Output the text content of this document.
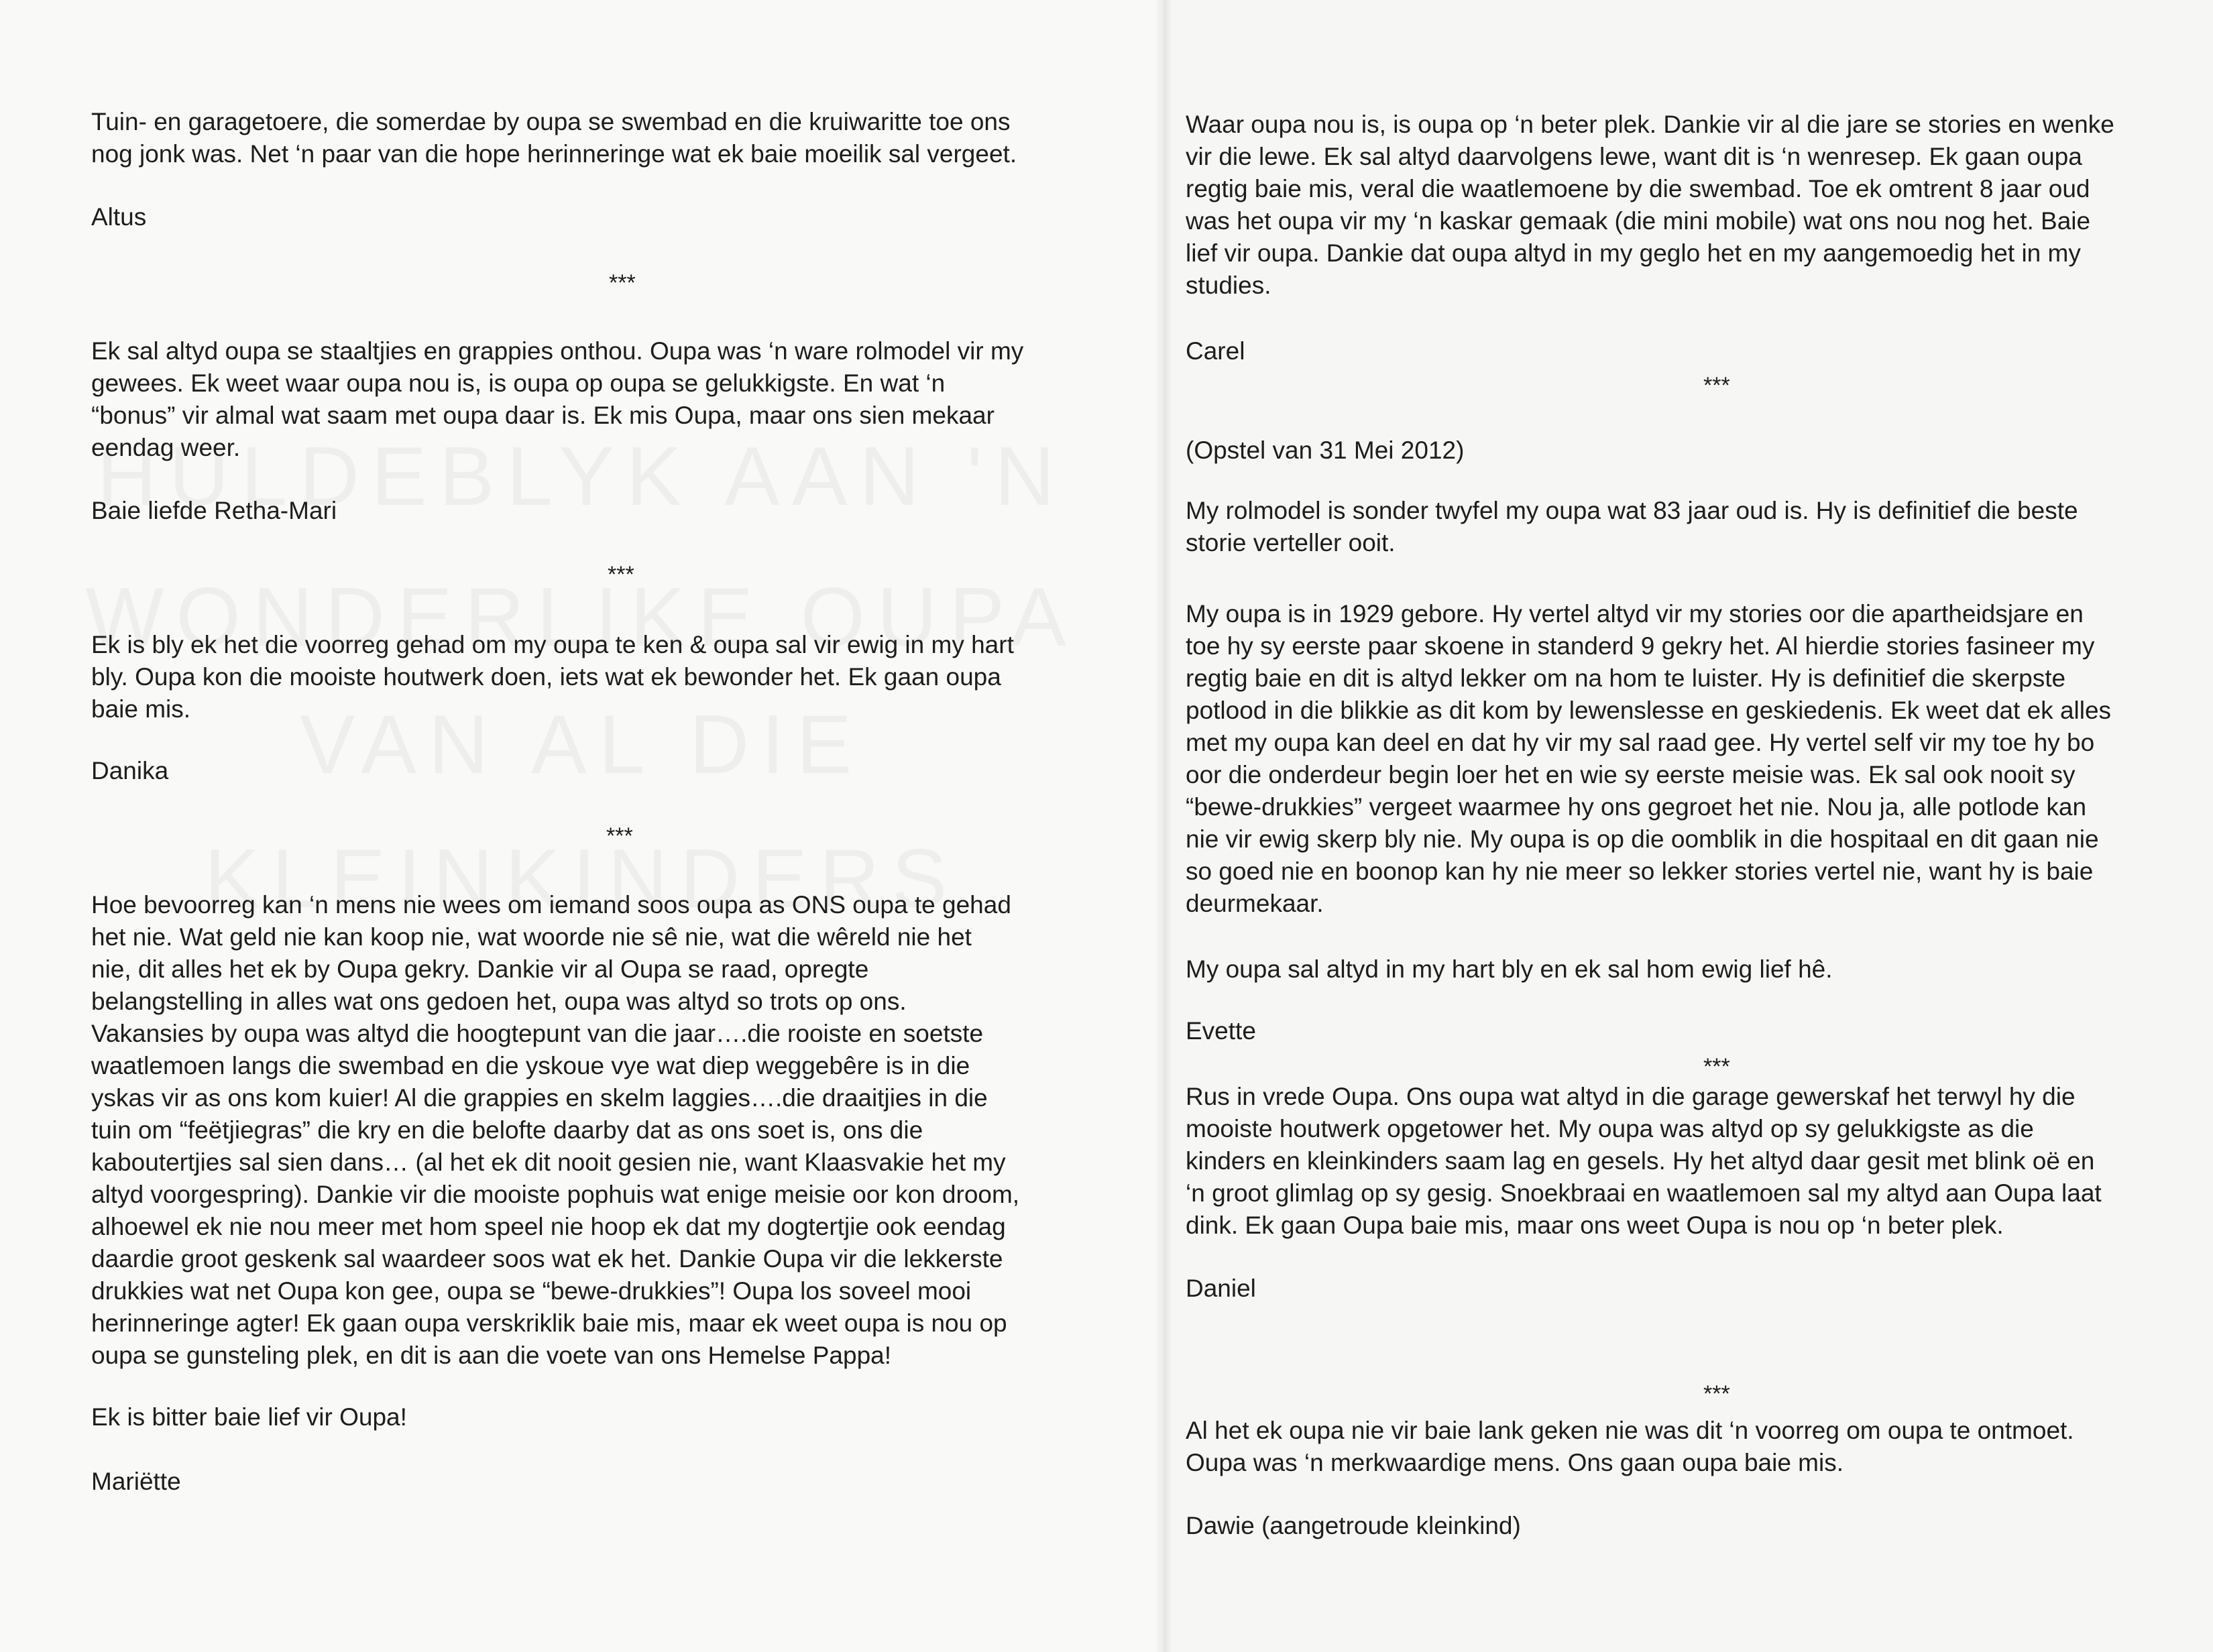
Tuin- en garagetoere, die somerdae by oupa se swembad en die kruiwaritte toe ons
nog jonk was. Net ‘n paar van die hope herinneringe wat ek baie moeilik sal vergeet.
Altus
***
Ek sal altyd oupa se staaltjies en grappies onthou. Oupa was ‘n ware rolmodel vir my
gewees. Ek weet waar oupa nou is, is oupa op oupa se gelukkigste. En wat ‘n
“bonus” vir almal wat saam met oupa daar is. Ek mis Oupa, maar ons sien mekaar
eendag weer.
Baie liefde Retha-Mari
***
Ek is bly ek het die voorreg gehad om my oupa te ken & oupa sal vir ewig in my hart
bly. Oupa kon die mooiste houtwerk doen, iets wat ek bewonder het. Ek gaan oupa
baie mis.
Danika
***
Hoe bevoorreg kan ‘n mens nie wees om iemand soos oupa as ONS oupa te gehad
het nie. Wat geld nie kan koop nie, wat woorde nie sê nie, wat die wêreld nie het
nie, dit alles het ek by Oupa gekry. Dankie vir al Oupa se raad, opregte
belangstelling in alles wat ons gedoen het, oupa was altyd so trots op ons.
Vakansies by oupa was altyd die hoogtepunt van die jaar….die rooiste en soetste
waatlemoen langs die swembad en die yskoue vye wat diep weggebêre is in die
yskas vir as ons kom kuier! Al die grappies en skelm laggies….die draaitjies in die
tuin om “feëtjiegras” die kry en die belofte daarby dat as ons soet is, ons die
kaboutertjies sal sien dans… (al het ek dit nooit gesien nie, want Klaasvakie het my
altyd voorgespring). Dankie vir die mooiste pophuis wat enige meisie oor kon droom,
alhoewel ek nie nou meer met hom speel nie hoop ek dat my dogtertjie ook eendag
daardie groot geskenk sal waardeer soos wat ek het. Dankie Oupa vir die lekkerste
drukkies wat net Oupa kon gee, oupa se “bewe-drukkies”! Oupa los soveel mooi
herinneringe agter! Ek gaan oupa verskriklik baie mis, maar ek weet oupa is nou op
oupa se gunsteling plek, en dit is aan die voete van ons Hemelse Pappa!
Ek is bitter baie lief vir Oupa!
Mariëtte
Waar oupa nou is, is oupa op ‘n beter plek. Dankie vir al die jare se stories en wenke
vir die lewe. Ek sal altyd daarvolgens lewe, want dit is ‘n wenresep. Ek gaan oupa
regtig baie mis, veral die waatlemoene by die swembad. Toe ek omtrent 8 jaar oud
was het oupa vir my ‘n kaskar gemaak (die mini mobile) wat ons nou nog het. Baie
lief vir oupa. Dankie dat oupa altyd in my geglo het en my aangemoedig het in my
studies.
Carel
***
(Opstel van 31 Mei 2012)
My rolmodel is sonder twyfel my oupa wat 83 jaar oud is. Hy is definitief die beste
storie verteller ooit.
My oupa is in 1929 gebore. Hy vertel altyd vir my stories oor die apartheidsjare en
toe hy sy eerste paar skoene in standerd 9 gekry het. Al hierdie stories fasineer my
regtig baie en dit is altyd lekker om na hom te luister. Hy is definitief die skerpste
potlood in die blikkie as dit kom by lewenslesse en geskiedenis. Ek weet dat ek alles
met my oupa kan deel en dat hy vir my sal raad gee. Hy vertel self vir my toe hy bo
oor die onderdeur begin loer het en wie sy eerste meisie was. Ek sal ook nooit sy
“bewe-drukkies” vergeet waarmee hy ons gegroet het nie. Nou ja, alle potlode kan
nie vir ewig skerp bly nie. My oupa is op die oomblik in die hospitaal en dit gaan nie
so goed nie en boonop kan hy nie meer so lekker stories vertel nie, want hy is baie
deurmekaar.
My oupa sal altyd in my hart bly en ek sal hom ewig lief hê.
Evette
***
Rus in vrede Oupa. Ons oupa wat altyd in die garage gewerskaf het terwyl hy die
mooiste houtwerk opgetower het. My oupa was altyd op sy gelukkigste as die
kinders en kleinkinders saam lag en gesels. Hy het altyd daar gesit met blink oë en
‘n groot glimlag op sy gesig. Snoekbraai en waatlemoen sal my altyd aan Oupa laat
dink. Ek gaan Oupa baie mis, maar ons weet Oupa is nou op ‘n beter plek.
Daniel
***
Al het ek oupa nie vir baie lank geken nie was dit ‘n voorreg om oupa te ontmoet.
Oupa was ‘n merkwaardige mens. Ons gaan oupa baie mis.
Dawie (aangetroude kleinkind)
